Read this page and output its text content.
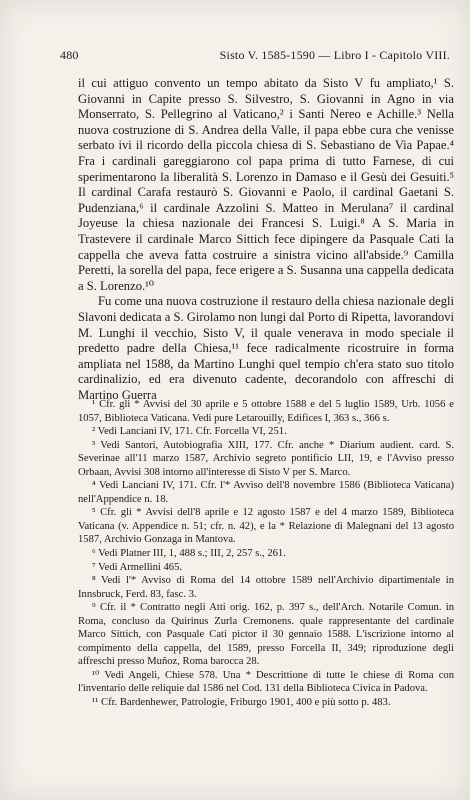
480	Sisto V. 1585-1590 — Libro I - Capitolo VIII.

il cui attiguo convento un tempo abitato da Sisto V fu ampliato,¹ S. Giovanni in Capite presso S. Silvestro, S. Giovanni in Agno in via Monserrato, S. Pellegrino al Vaticano,² i Santi Nereo e Achille.³ Nella nuova costruzione di S. Andrea della Valle, il papa ebbe cura che venisse serbato ivi il ricordo della piccola chiesa di S. Sebastiano de Via Papae.⁴ Fra i cardinali gareggiarono col papa prima di tutto Farnese, di cui sperimentarono la liberalità S. Lorenzo in Damaso e il Gesù dei Gesuiti.⁵ Il cardinal Carafa restaurò S. Giovanni e Paolo, il cardinal Gaetani S. Pudenziana,⁶ il cardinale Azzolini S. Matteo in Merulana⁷ il cardinal Joyeuse la chiesa nazionale dei Francesi S. Luigi.⁸ A S. Maria in Trastevere il cardinale Marco Sittich fece dipingere da Pasquale Cati la cappella che aveva fatta costruire a sinistra vicino all'abside.⁹ Camilla Peretti, la sorella del papa, fece erigere a S. Susanna una cappella dedicata a S. Lorenzo.¹⁰

Fu come una nuova costruzione il restauro della chiesa nazionale degli Slavoni dedicata a S. Girolamo non lungi dal Porto di Ripetta, lavorandovi M. Lunghi il vecchio, Sisto V, il quale venerava in modo speciale il predetto padre della Chiesa,¹¹ fece radicalmente ricostruire in forma ampliata nel 1588, da Martino Lunghi quel tempio ch'era stato suo titolo cardinalizio, ed era divenuto cadente, decorandolo con affreschi di Martino Guerra

¹ Cfr. gli * Avvisi del 30 aprile e 5 ottobre 1588 e del 5 luglio 1589, Urb. 1056 e 1057, Biblioteca Vaticana. Vedi pure Letarouilly, Edifices I, 363 s., 366 s.

² Vedi Lanciani IV, 171. Cfr. Forcella VI, 251.

³ Vedi Santori, Autobiografia XIII, 177. Cfr. anche * Diarium audient. card. S. Severinae all'11 marzo 1587, Archivio segreto pontificio LII, 19, e l'Avviso presso Orbaan, Avvisi 308 intorno all'interesse di Sisto V per S. Marco.

⁴ Vedi Lanciani IV, 171. Cfr. l'* Avviso dell'8 novembre 1586 (Biblioteca Vaticana) nell'Appendice n. 18.

⁵ Cfr. gli * Avvisi dell'8 aprile e 12 agosto 1587 e del 4 marzo 1589, Biblioteca Vaticana (v. Appendice n. 51; cfr. n. 42), e la * Relazione di Malegnani del 13 agosto 1587, Archivio Gonzaga in Mantova.

⁶ Vedi Platner III, 1, 488 s.; III, 2, 257 s., 261.

⁷ Vedi Armellini 465.

⁸ Vedi l'* Avviso di Roma del 14 ottobre 1589 nell'Archivio dipartimentale in Innsbruck, Ferd. 83, fasc. 3.

⁹ Cfr. il * Contratto negli Atti orig. 162, p. 397 s., dell'Arch. Notarile Comun. in Roma, concluso da Quirinus Zurla Cremonens. quale rappresentante del cardinale Marco Sittich, con Pasquale Cati pictor il 30 gennaio 1588. L'iscrizione intorno al compimento della cappella, del 1589, presso Forcella II, 349; riproduzione degli affreschi presso Muñoz, Roma barocca 28.

¹⁰ Vedi Angeli, Chiese 578. Una * Descrittione di tutte le chiese di Roma con l'inventario delle reliquie dal 1586 nel Cod. 131 della Biblioteca Civica in Padova.

¹¹ Cfr. Bardenhewer, Patrologie, Friburgo 1901, 400 e più sotto p. 483.
